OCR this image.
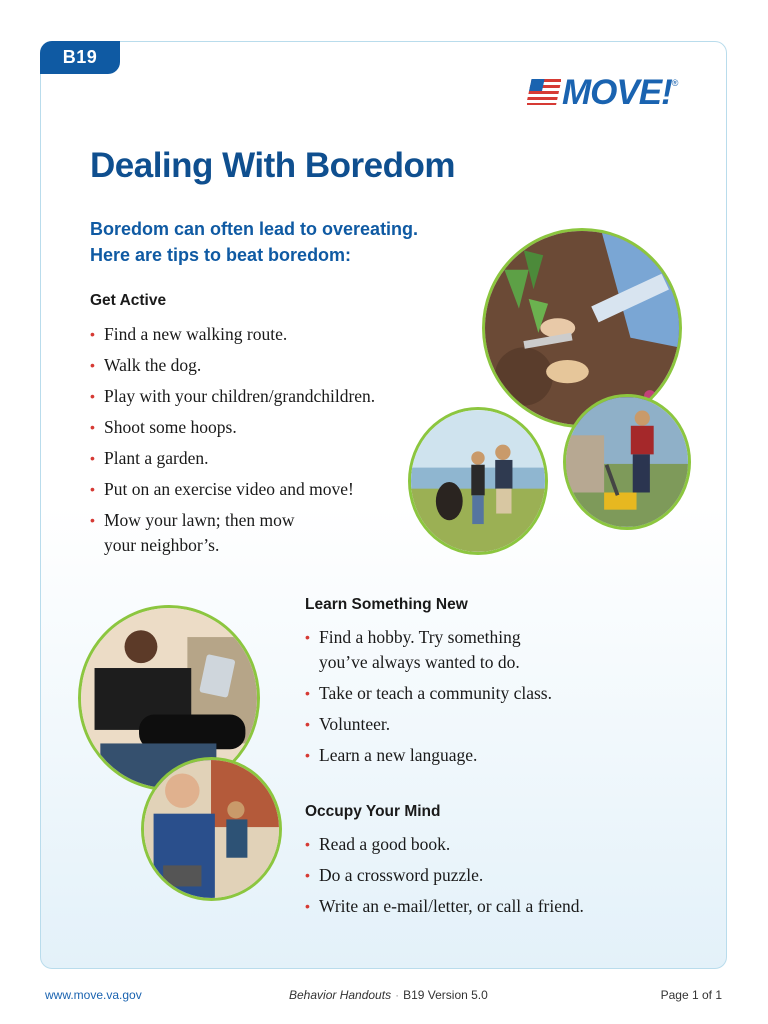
B19
MOVE! ®
Dealing With Boredom

Boredom can often lead to overeating.
Here are tips to beat boredom:

Get Active
• Find a new walking route.
• Walk the dog.
• Play with your children/grandchildren.
• Shoot some hoops.
• Plant a garden.
• Put on an exercise video and move!
• Mow your lawn; then mow
your neighbor’s.
Learn Something New
• Find a hobby. Try something
you’ve always wanted to do.
• Take or teach a community class.
• Volunteer.
• Learn a new language.
Occupy Your Mind
• Read a good book.
• Do a crossword puzzle.
• Write an e-mail/letter, or call a friend.
www.move.va.gov	Behavior Handouts · B19 Version 5.0	Page 1 of 1
